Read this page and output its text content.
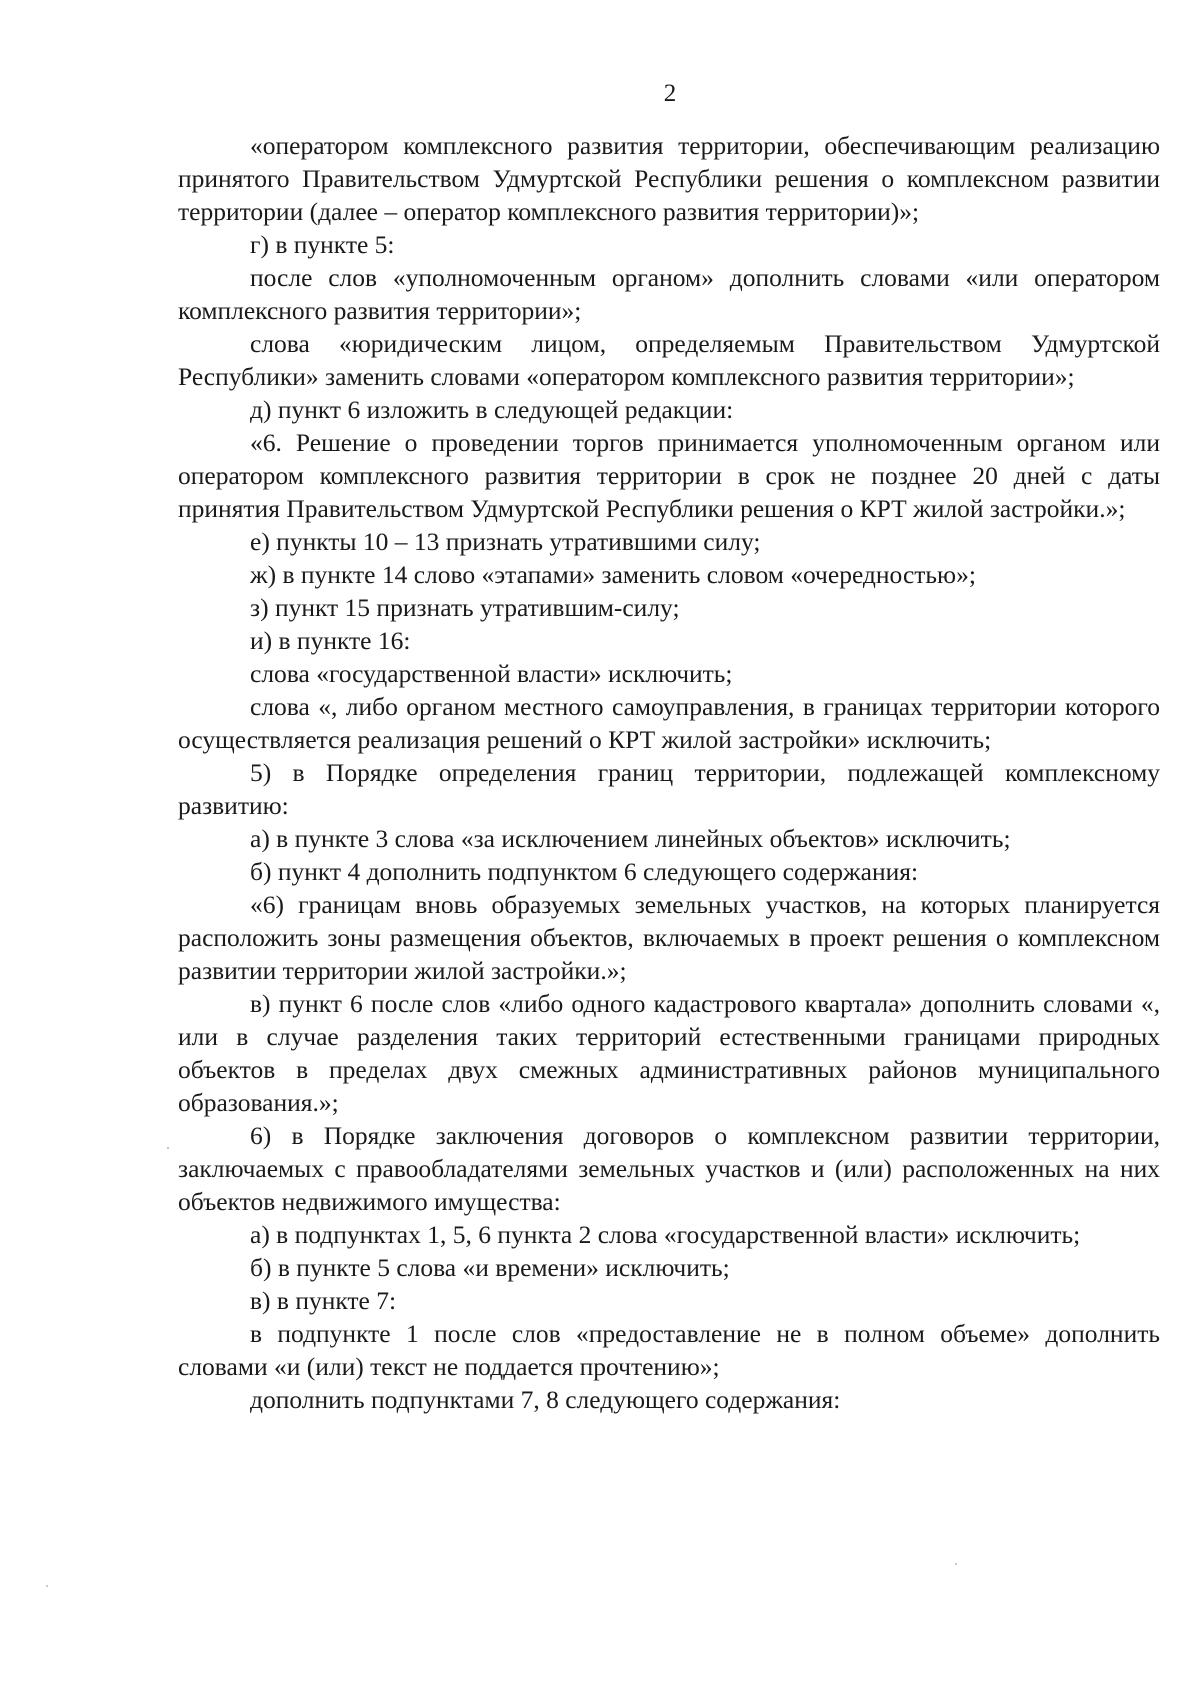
2

«оператором комплексного развития территории, обеспечивающим реализацию принятого Правительством Удмуртской Республики решения о комплексном развитии территории (далее – оператор комплексного развития территории)»;

г) в пункте 5:

после слов «уполномоченным органом» дополнить словами «или оператором комплексного развития территории»;

слова «юридическим лицом, определяемым Правительством Удмуртской Республики» заменить словами «оператором комплексного развития территории»;

д) пункт 6 изложить в следующей редакции:

«6. Решение о проведении торгов принимается уполномоченным органом или оператором комплексного развития территории в срок не позднее 20 дней с даты принятия Правительством Удмуртской Республики решения о КРТ жилой застройки.»;

е) пункты 10 – 13 признать утратившими силу;

ж) в пункте 14 слово «этапами» заменить словом «очередностью»;

з) пункт 15 признать утратившим-силу;

и) в пункте 16:

слова «государственной власти» исключить;

слова «, либо органом местного самоуправления, в границах территории которого осуществляется реализация решений о КРТ жилой застройки» исключить;

5) в Порядке определения границ территории, подлежащей комплексному развитию:

а) в пункте 3 слова «за исключением линейных объектов» исключить;

б) пункт 4 дополнить подпунктом 6 следующего содержания:

«6) границам вновь образуемых земельных участков, на которых планируется расположить зоны размещения объектов, включаемых в проект решения о комплексном развитии территории жилой застройки.»;

в) пункт 6 после слов «либо одного кадастрового квартала» дополнить словами «, или в случае разделения таких территорий естественными границами природных объектов в пределах двух смежных административных районов муниципального образования.»;

6) в Порядке заключения договоров о комплексном развитии территории, заключаемых с правообладателями земельных участков и (или) расположенных на них объектов недвижимого имущества:

а) в подпунктах 1, 5, 6 пункта 2 слова «государственной власти» исключить;

б) в пункте 5 слова «и времени» исключить;

в) в пункте 7:

в подпункте 1 после слов «предоставление не в полном объеме» дополнить словами «и (или) текст не поддается прочтению»;

дополнить подпунктами 7, 8 следующего содержания:
